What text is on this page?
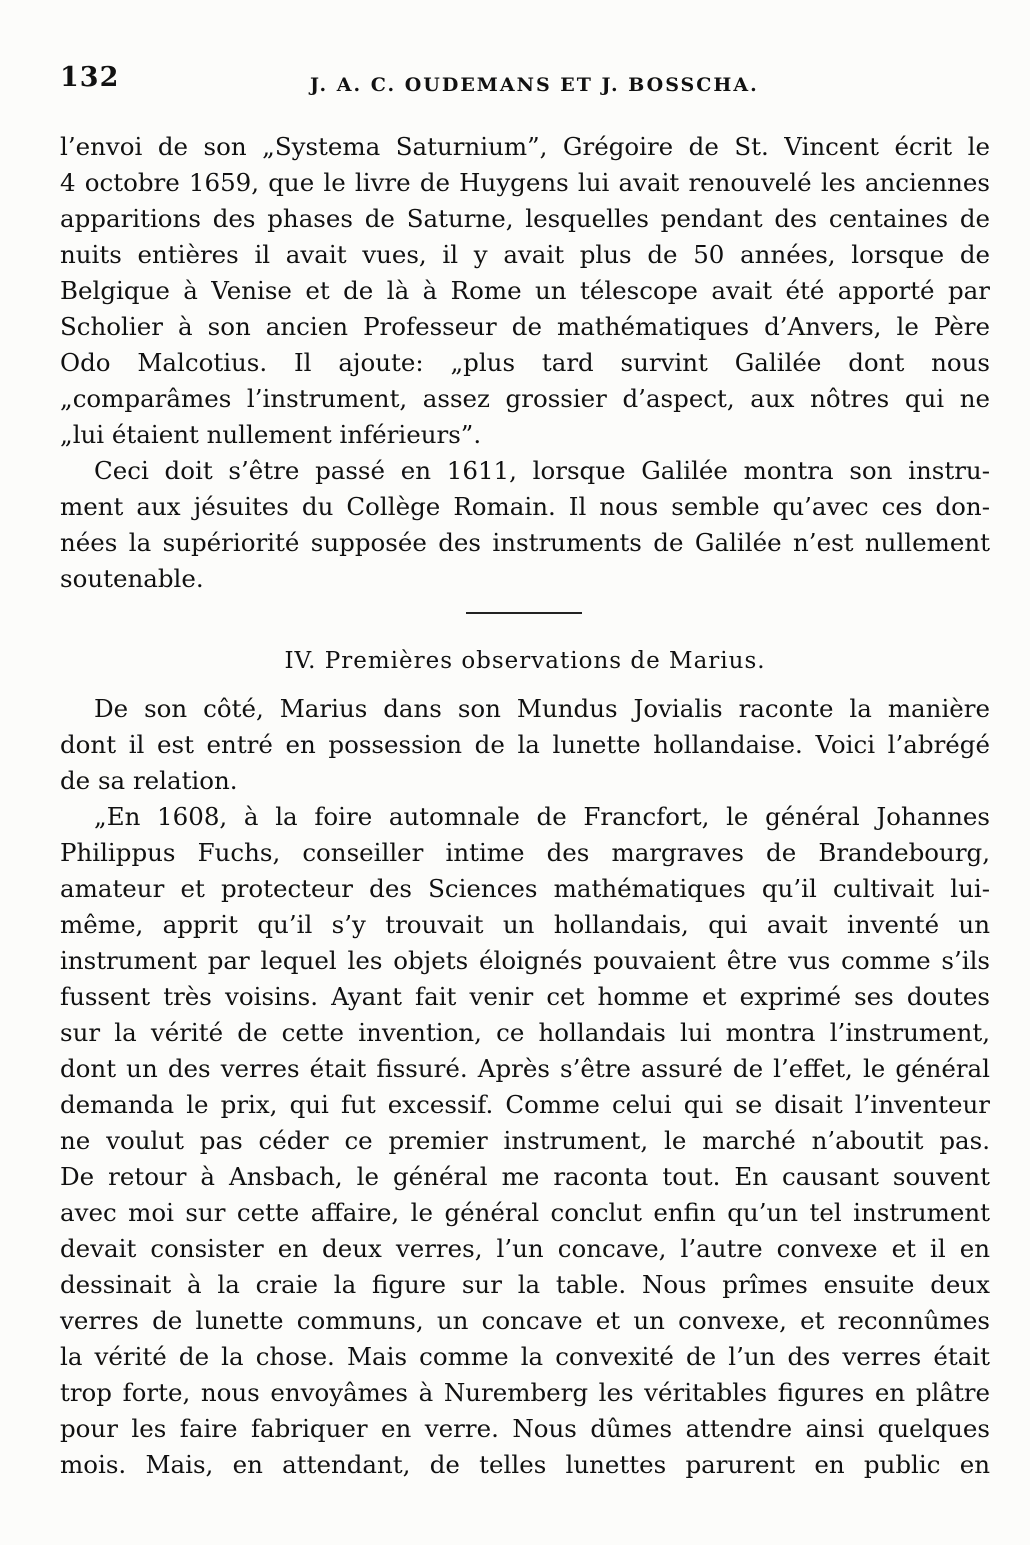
132	J. A. C. OUDEMANS ET J. BOSSCHA.
l’envoi de son „Systema Saturnium”, Grégoire de St. Vincent écrit le
4 octobre 1659, que le livre de Huygens lui avait renouvelé les anciennes
apparitions des phases de Saturne, lesquelles pendant des centaines de
nuits entières il avait vues, il y avait plus de 50 années, lorsque de
Belgique à Venise et de là à Rome un télescope avait été apporté par
Scholier à son ancien Professeur de mathématiques d’Anvers, le Père
Odo Malcotius. Il ajoute: „plus tard survint Galilée dont nous
„comparâmes l’instrument, assez grossier d’aspect, aux nôtres qui ne
„lui étaient nullement inférieurs”.
Ceci doit s’être passé en 1611, lorsque Galilée montra son instru-
ment aux jésuites du Collège Romain. Il nous semble qu’avec ces don-
nées la supériorité supposée des instruments de Galilée n’est nullement
soutenable.
IV. Premières observations de Marius.
De son côté, Marius dans son Mundus Jovialis raconte la manière
dont il est entré en possession de la lunette hollandaise. Voici l’abrégé
de sa relation.
„En 1608, à la foire automnale de Francfort, le général Johannes
Philippus Fuchs, conseiller intime des margraves de Brandebourg,
amateur et protecteur des Sciences mathématiques qu’il cultivait lui-
même, apprit qu’il s’y trouvait un hollandais, qui avait inventé un
instrument par lequel les objets éloignés pouvaient être vus comme s’ils
fussent très voisins. Ayant fait venir cet homme et exprimé ses doutes
sur la vérité de cette invention, ce hollandais lui montra l’instrument,
dont un des verres était fissuré. Après s’être assuré de l’effet, le général
demanda le prix, qui fut excessif. Comme celui qui se disait l’inventeur
ne voulut pas céder ce premier instrument, le marché n’aboutit pas.
De retour à Ansbach, le général me raconta tout. En causant souvent
avec moi sur cette affaire, le général conclut enfin qu’un tel instrument
devait consister en deux verres, l’un concave, l’autre convexe et il en
dessinait à la craie la figure sur la table. Nous prîmes ensuite deux
verres de lunette communs, un concave et un convexe, et reconnûmes
la vérité de la chose. Mais comme la convexité de l’un des verres était
trop forte, nous envoyâmes à Nuremberg les véritables figures en plâtre
pour les faire fabriquer en verre. Nous dûmes attendre ainsi quelques
mois. Mais, en attendant, de telles lunettes parurent en public en
